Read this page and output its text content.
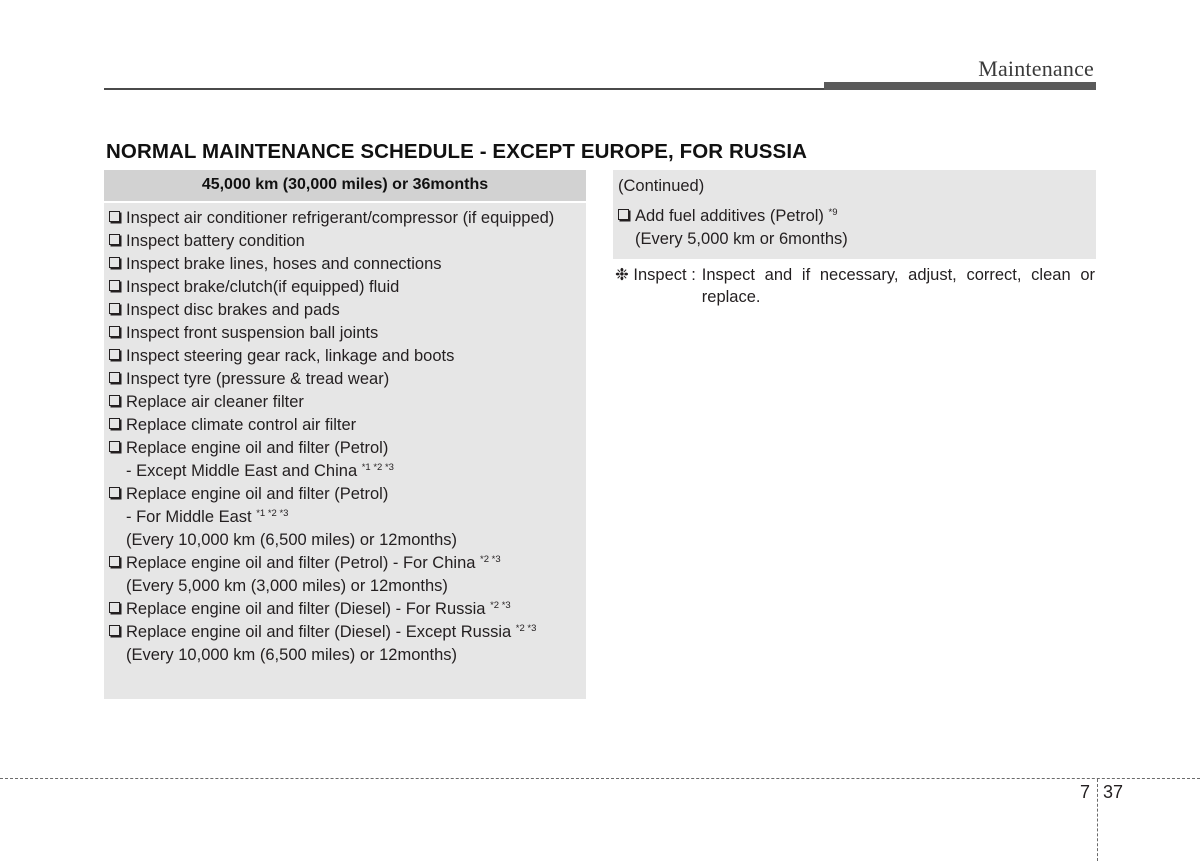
Maintenance
NORMAL MAINTENANCE SCHEDULE - EXCEPT EUROPE, FOR RUSSIA
45,000 km (30,000 miles) or 36months
Inspect air conditioner refrigerant/compressor (if equipped)
Inspect battery condition
Inspect brake lines, hoses and connections
Inspect brake/clutch(if equipped) fluid
Inspect disc brakes and pads
Inspect front suspension ball joints
Inspect steering gear rack, linkage and boots
Inspect tyre (pressure & tread wear)
Replace air cleaner filter
Replace climate control air filter
Replace engine oil and filter (Petrol)
- Except Middle East and China $^{*1 *2 *3}$
Replace engine oil and filter (Petrol)
- For Middle East $^{*1 *2 *3}$
(Every 10,000 km (6,500 miles) or 12months)
Replace engine oil and filter (Petrol) - For China $^{*2 *3}$
(Every 5,000 km (3,000 miles) or 12months)
Replace engine oil and filter (Diesel) - For Russia $^{*2 *3}$
Replace engine oil and filter (Diesel) - Except Russia $^{*2 *3}$
(Every 10,000 km (6,500 miles) or 12months)
(Continued)
Add fuel additives (Petrol) $^{*9}$
(Every 5,000 km or 6months)
❉ Inspect : Inspect and if necessary, adjust, correct, clean or replace.
7 37
